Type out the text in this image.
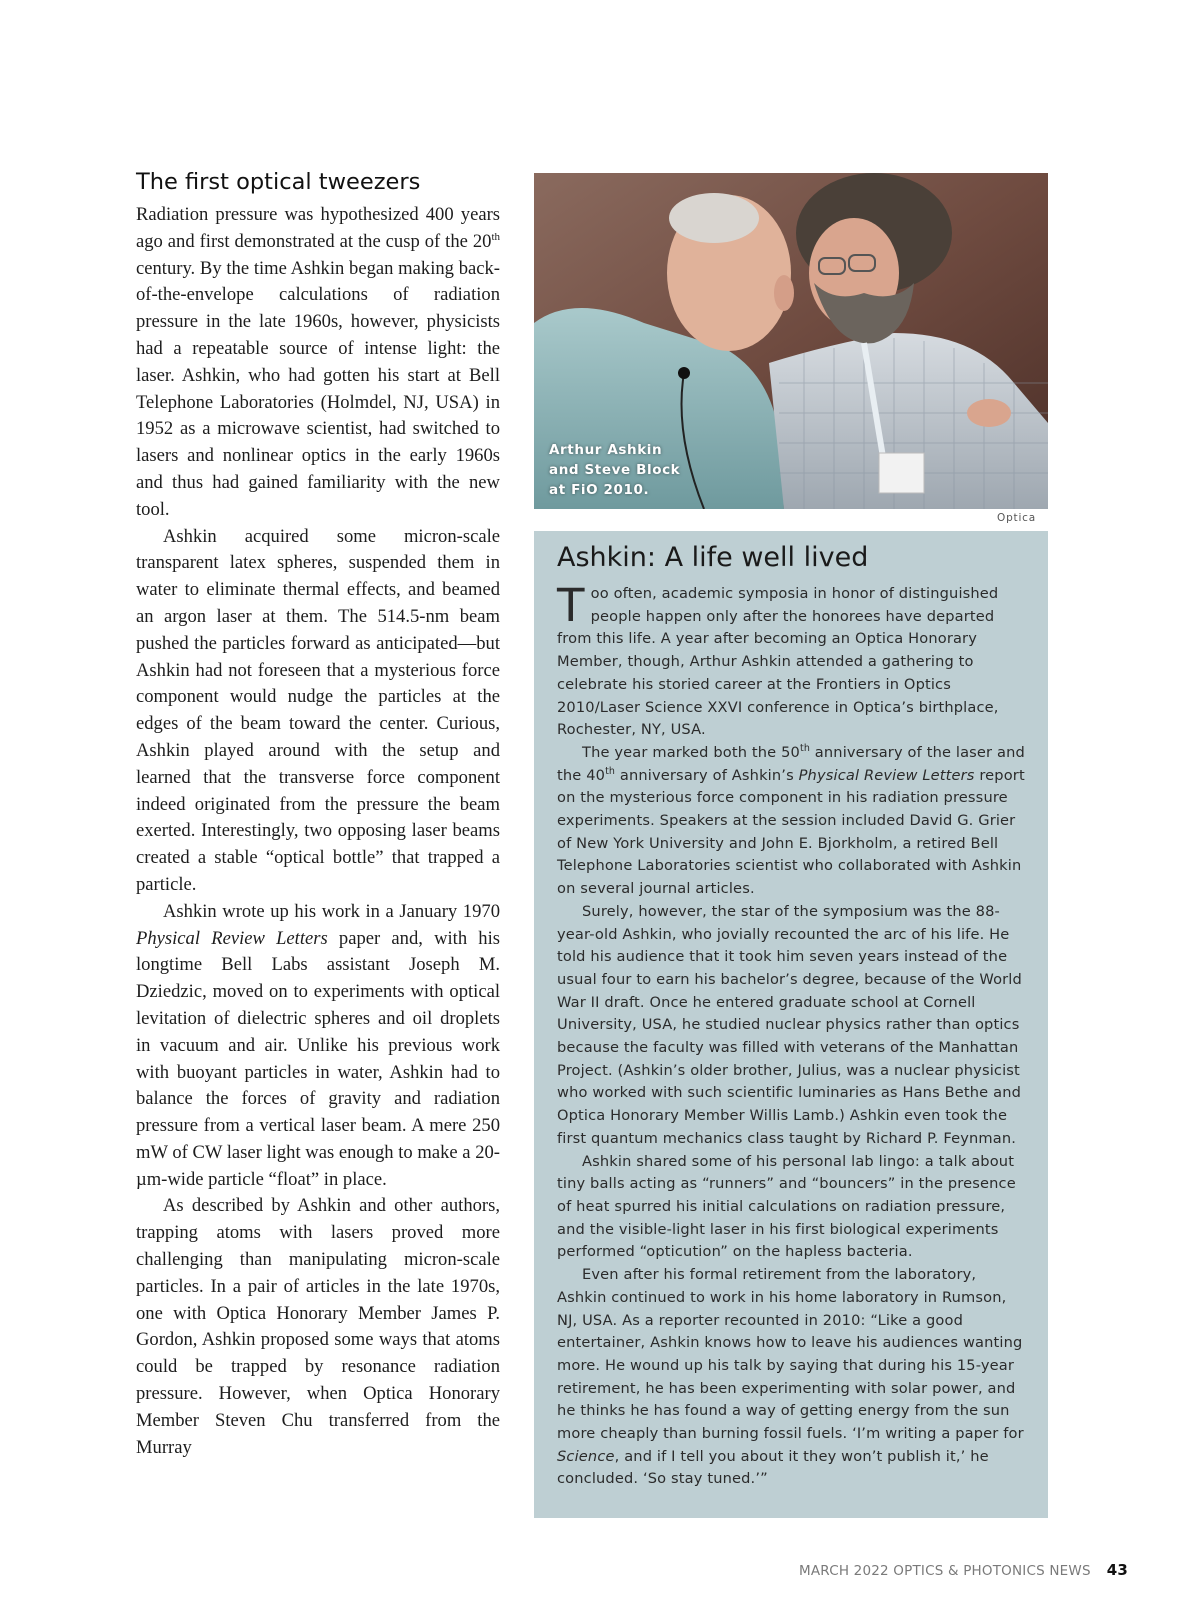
The first optical tweezers

Radiation pressure was hypothesized 400 years ago and first demonstrated at the cusp of the 20th century. By the time Ashkin began making back-of-the-envelope calculations of radiation pressure in the late 1960s, however, physicists had a repeatable source of intense light: the laser. Ashkin, who had gotten his start at Bell Telephone Laboratories (Holmdel, NJ, USA) in 1952 as a microwave scientist, had switched to lasers and nonlinear optics in the early 1960s and thus had gained familiarity with the new tool.

Ashkin acquired some micron-scale transparent latex spheres, suspended them in water to eliminate thermal effects, and beamed an argon laser at them. The 514.5-nm beam pushed the particles forward as anticipated—but Ashkin had not foreseen that a mysterious force component would nudge the particles at the edges of the beam toward the center. Curious, Ashkin played around with the setup and learned that the transverse force component indeed originated from the pressure the beam exerted. Interestingly, two opposing laser beams created a stable “optical bottle” that trapped a particle.

Ashkin wrote up his work in a January 1970 Physical Review Letters paper and, with his longtime Bell Labs assistant Joseph M. Dziedzic, moved on to experiments with optical levitation of dielectric spheres and oil droplets in vacuum and air. Unlike his previous work with buoyant particles in water, Ashkin had to balance the forces of gravity and radiation pressure from a vertical laser beam. A mere 250 mW of CW laser light was enough to make a 20-µm-wide particle “float” in place.

As described by Ashkin and other authors, trapping atoms with lasers proved more challenging than manipulating micron-scale particles. In a pair of articles in the late 1970s, one with Optica Honorary Member James P. Gordon, Ashkin proposed some ways that atoms could be trapped by resonance radiation pressure. However, when Optica Honorary Member Steven Chu transferred from the Murray

Arthur Ashkin
and Steve Block
at FiO 2010.
Optica
Ashkin: A life well lived

Too often, academic symposia in honor of distinguished people happen only after the honorees have departed from this life. A year after becoming an Optica Honorary Member, though, Arthur Ashkin attended a gathering to celebrate his storied career at the Frontiers in Optics 2010/Laser Science XXVI conference in Optica’s birthplace, Rochester, NY, USA.

The year marked both the 50th anniversary of the laser and the 40th anniversary of Ashkin’s Physical Review Letters report on the mysterious force component in his radiation pressure experiments. Speakers at the session included David G. Grier of New York University and John E. Bjorkholm, a retired Bell Telephone Laboratories scientist who collaborated with Ashkin on several journal articles.

Surely, however, the star of the symposium was the 88-year-old Ashkin, who jovially recounted the arc of his life. He told his audience that it took him seven years instead of the usual four to earn his bachelor’s degree, because of the World War II draft. Once he entered graduate school at Cornell University, USA, he studied nuclear physics rather than optics because the faculty was filled with veterans of the Manhattan Project. (Ashkin’s older brother, Julius, was a nuclear physicist who worked with such scientific luminaries as Hans Bethe and Optica Honorary Member Willis Lamb.) Ashkin even took the first quantum mechanics class taught by Richard P. Feynman.

Ashkin shared some of his personal lab lingo: a talk about tiny balls acting as “runners” and “bouncers” in the presence of heat spurred his initial calculations on radiation pressure, and the visible-light laser in his first biological experiments performed “opticution” on the hapless bacteria.

Even after his formal retirement from the laboratory, Ashkin continued to work in his home laboratory in Rumson, NJ, USA. As a reporter recounted in 2010: “Like a good entertainer, Ashkin knows how to leave his audiences wanting more. He wound up his talk by saying that during his 15-year retirement, he has been experimenting with solar power, and he thinks he has found a way of getting energy from the sun more cheaply than burning fossil fuels. ‘I’m writing a paper for Science, and if I tell you about it they won’t publish it,’ he concluded. ‘So stay tuned.’”

MARCH 2022 OPTICS & PHOTONICS NEWS 43
